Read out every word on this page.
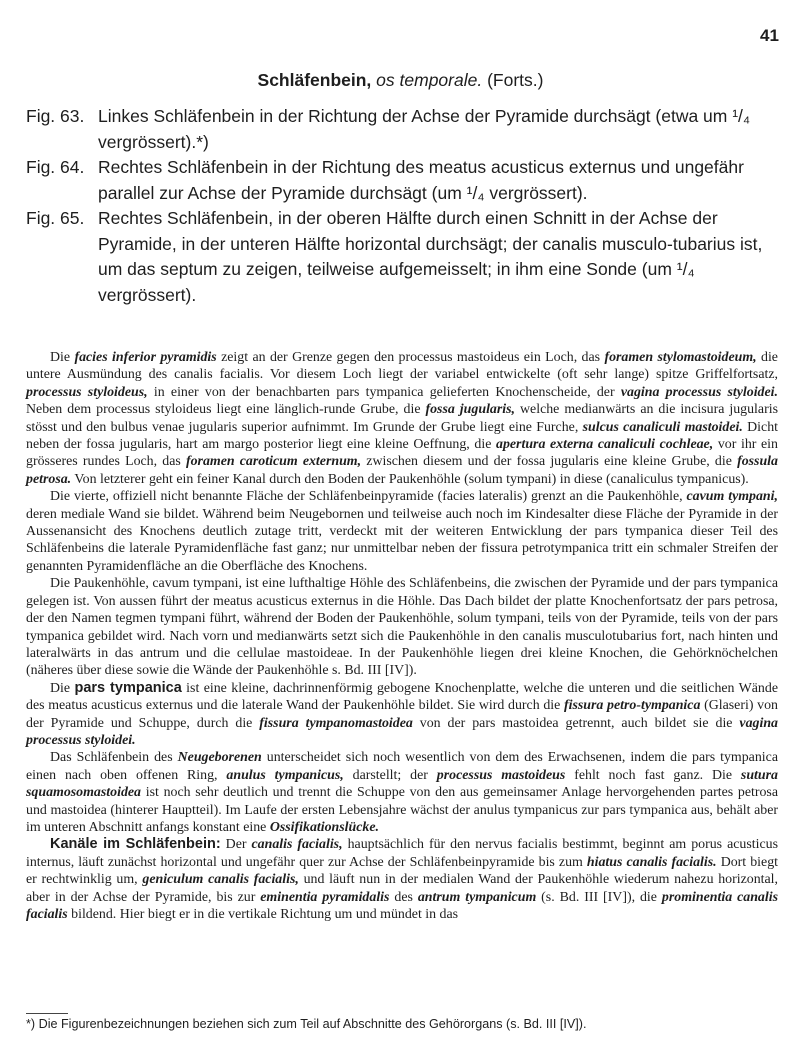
41
Schläfenbein, os temporale. (Forts.)
Fig. 63. Linkes Schläfenbein in der Richtung der Achse der Pyramide durchsägt (etwa um ¹/₄ vergrössert).*)
Fig. 64. Rechtes Schläfenbein in der Richtung des meatus acusticus externus und ungefähr parallel zur Achse der Pyramide durchsägt (um ¹/₄ vergrössert).
Fig. 65. Rechtes Schläfenbein, in der oberen Hälfte durch einen Schnitt in der Achse der Pyramide, in der unteren Hälfte horizontal durchsägt; der canalis musculo-tubarius ist, um das septum zu zeigen, teilweise aufgemeisselt; in ihm eine Sonde (um ¹/₄ vergrössert).

Die facies inferior pyramidis zeigt an der Grenze gegen den processus mastoideus ein Loch, das foramen stylomastoideum, die untere Ausmündung des canalis facialis. Vor diesem Loch liegt der variabel entwickelte (oft sehr lange) spitze Griffelfortsatz, processus styloideus, in einer von der benachbarten pars tympanica gelieferten Knochenscheide, der vagina processus styloidei. Neben dem processus styloideus liegt eine länglich-runde Grube, die fossa jugularis, welche medianwärts an die incisura jugularis stösst und den bulbus venae jugularis superior aufnimmt. Im Grunde der Grube liegt eine Furche, sulcus canaliculi mastoidei. Dicht neben der fossa jugularis, hart am margo posterior liegt eine kleine Oeffnung, die apertura externa canaliculi cochleae, vor ihr ein grösseres rundes Loch, das foramen caroticum externum, zwischen diesem und der fossa jugularis eine kleine Grube, die fossula petrosa. Von letzterer geht ein feiner Kanal durch den Boden der Paukenhöhle (solum tympani) in diese (canaliculus tympanicus).

Die vierte, offiziell nicht benannte Fläche der Schläfenbeinpyramide (facies lateralis) grenzt an die Paukenhöhle, cavum tympani, deren mediale Wand sie bildet. Während beim Neugebornen und teilweise auch noch im Kindesalter diese Fläche der Pyramide in der Aussenansicht des Knochens deutlich zutage tritt, verdeckt mit der weiteren Entwicklung der pars tympanica dieser Teil des Schläfenbeins die laterale Pyramidenfläche fast ganz; nur unmittelbar neben der fissura petrotympanica tritt ein schmaler Streifen der genannten Pyramidenfläche an die Oberfläche des Knochens.

Die Paukenhöhle, cavum tympani, ist eine lufthaltige Höhle des Schläfenbeins, die zwischen der Pyramide und der pars tympanica gelegen ist. Von aussen führt der meatus acusticus externus in die Höhle. Das Dach bildet der platte Knochenfortsatz der pars petrosa, der den Namen tegmen tympani führt, während der Boden der Paukenhöhle, solum tympani, teils von der Pyramide, teils von der pars tympanica gebildet wird. Nach vorn und medianwärts setzt sich die Paukenhöhle in den canalis musculotubarius fort, nach hinten und lateralwärts in das antrum und die cellulae mastoideae. In der Paukenhöhle liegen drei kleine Knochen, die Gehörknöchelchen (näheres über diese sowie die Wände der Paukenhöhle s. Bd. III [IV]).

Die pars tympanica ist eine kleine, dachrinnenförmig gebogene Knochenplatte, welche die unteren und die seitlichen Wände des meatus acusticus externus und die laterale Wand der Paukenhöhle bildet. Sie wird durch die fissura petro-tympanica (Glaseri) von der Pyramide und Schuppe, durch die fissura tympanomastoidea von der pars mastoidea getrennt, auch bildet sie die vagina processus styloidei.

Das Schläfenbein des Neugeborenen unterscheidet sich noch wesentlich von dem des Erwachsenen, indem die pars tympanica einen nach oben offenen Ring, anulus tympanicus, darstellt; der processus mastoideus fehlt noch fast ganz. Die sutura squamosomastoidea ist noch sehr deutlich und trennt die Schuppe von den aus gemeinsamer Anlage hervorgehenden partes petrosa und mastoidea (hinterer Hauptteil). Im Laufe der ersten Lebensjahre wächst der anulus tympanicus zur pars tympanica aus, behält aber im unteren Abschnitt anfangs konstant eine Ossifikationslücke.

Kanäle im Schläfenbein: Der canalis facialis, hauptsächlich für den nervus facialis bestimmt, beginnt am porus acusticus internus, läuft zunächst horizontal und ungefähr quer zur Achse der Schläfenbeinpyramide bis zum hiatus canalis facialis. Dort biegt er rechtwinklig um, geniculum canalis facialis, und läuft nun in der medialen Wand der Paukenhöhle wiederum nahezu horizontal, aber in der Achse der Pyramide, bis zur eminentia pyramidalis des antrum tympanicum (s. Bd. III [IV]), die prominentia canalis facialis bildend. Hier biegt er in die vertikale Richtung um und mündet in das

*) Die Figurenbezeichnungen beziehen sich zum Teil auf Abschnitte des Gehörorgans (s. Bd. III [IV]).
